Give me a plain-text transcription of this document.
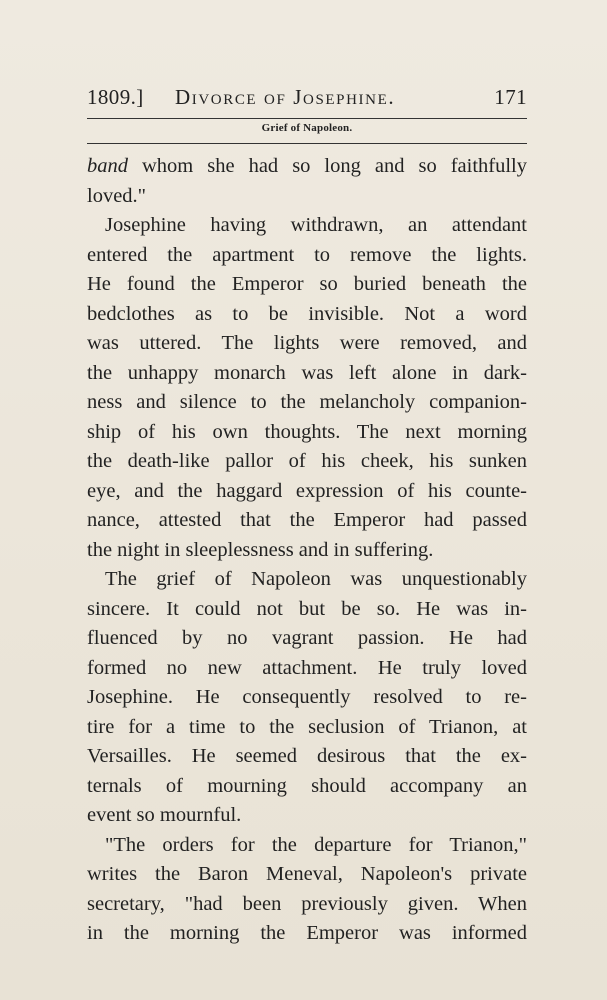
1809.] Divorce of Josephine.	171
Grief of Napoleon.
band whom she had so long and so faithfully
loved."
Josephine having withdrawn, an attendant
entered the apartment to remove the lights.
He found the Emperor so buried beneath the
bedclothes as to be invisible. Not a word
was uttered. The lights were removed, and
the unhappy monarch was left alone in dark-
ness and silence to the melancholy companion-
ship of his own thoughts. The next morning
the death-like pallor of his cheek, his sunken
eye, and the haggard expression of his counte-
nance, attested that the Emperor had passed
the night in sleeplessness and in suffering.
The grief of Napoleon was unquestionably
sincere. It could not but be so. He was in-
fluenced by no vagrant passion. He had
formed no new attachment. He truly loved
Josephine. He consequently resolved to re-
tire for a time to the seclusion of Trianon, at
Versailles. He seemed desirous that the ex-
ternals of mourning should accompany an
event so mournful.
"The orders for the departure for Trianon,"
writes the Baron Meneval, Napoleon's private
secretary, "had been previously given. When
in the morning the Emperor was informed
